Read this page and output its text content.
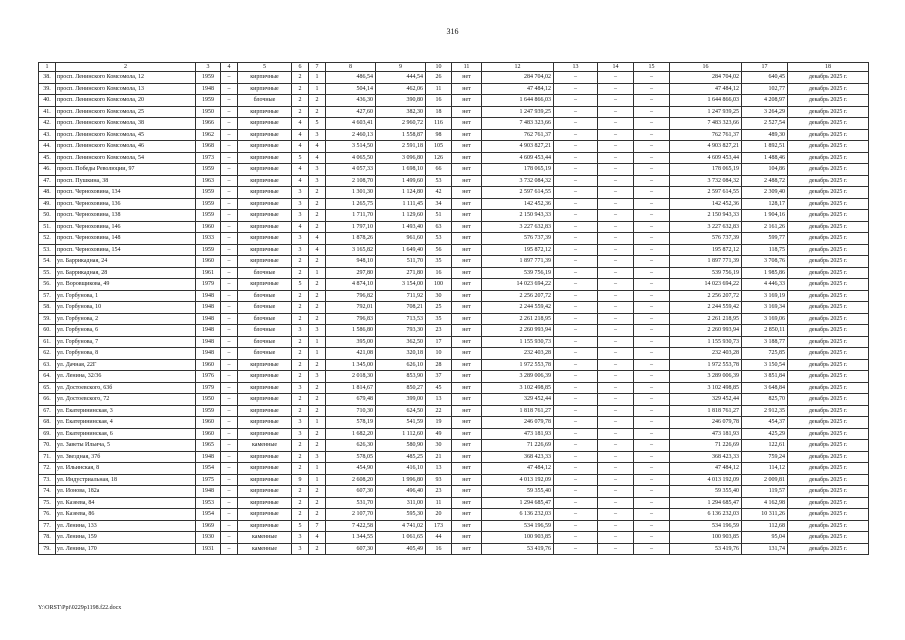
316
1	2	3	4	5	6	7	8	9	10	11	12	13	14	15	16	17	18
38.	просп. Ленинского Комсомола, 12	1959	–	кирпичные	2	1	486,54	444,54	26	нет	284 704,02	–	–	–	284 704,02	640,45	декабрь 2025 г.
39.	просп. Ленинского Комсомола, 13	1948	–	кирпичные	2	1	504,14	462,06	11	нет	47 484,12	–	–	–	47 484,12	102,77	декабрь 2025 г.
40.	просп. Ленинского Комсомола, 20	1959	–	блочные	2	2	436,30	390,80	16	нет	1 644 866,03	–	–	–	1 644 866,03	4 208,97	декабрь 2025 г.
41.	просп. Ленинского Комсомола, 25	1950	–	кирпичные	2	2	427,60	382,30	18	нет	1 247 939,25	–	–	–	1 247 939,25	3 264,29	декабрь 2025 г.
42.	просп. Ленинского Комсомола, 38	1966	–	кирпичные	4	5	4 603,41	2 960,72	116	нет	7 483 323,66	–	–	–	7 483 323,66	2 527,54	декабрь 2025 г.
43.	просп. Ленинского Комсомола, 45	1962	–	кирпичные	4	3	2 460,13	1 558,87	98	нет	762 761,37	–	–	–	762 761,37	489,30	декабрь 2025 г.
44.	просп. Ленинского Комсомола, 46	1968	–	кирпичные	4	4	3 514,50	2 591,18	105	нет	4 903 827,21	–	–	–	4 903 827,21	1 892,51	декабрь 2025 г.
45.	просп. Ленинского Комсомола, 54	1973	–	кирпичные	5	4	4 065,50	3 096,80	126	нет	4 609 453,44	–	–	–	4 609 453,44	1 488,46	декабрь 2025 г.
46.	просп. Победы Революции, 97	1959	–	кирпичные	4	3	4 057,33	1 698,10	66	нет	178 065,19	–	–	–	178 065,19	104,86	декабрь 2025 г.
47.	просп. Пушкина, 38	1963	–	кирпичные	4	3	2 108,70	1 499,60	53	нет	3 732 084,32	–	–	–	3 732 084,32	2 488,72	декабрь 2025 г.
48.	просп. Черноховина, 134	1959	–	кирпичные	3	2	1 301,30	1 124,80	42	нет	2 597 614,55	–	–	–	2 597 614,55	2 309,40	декабрь 2025 г.
49.	просп. Черноховина, 136	1959	–	кирпичные	3	2	1 265,75	1 111,45	34	нет	142 452,36	–	–	–	142 452,36	128,17	декабрь 2025 г.
50.	просп. Черноховина, 138	1959	–	кирпичные	3	2	1 711,70	1 129,60	51	нет	2 150 943,33	–	–	–	2 150 943,33	1 904,16	декабрь 2025 г.
51.	просп. Черноховина, 146	1960	–	кирпичные	4	2	1 797,10	1 493,40	63	нет	3 227 632,83	–	–	–	3 227 632,83	2 161,26	декабрь 2025 г.
52.	просп. Черноховина, 148	1933	–	кирпичные	3	4	1 878,26	961,60	53	нет	576 737,39	–	–	–	576 737,39	599,77	декабрь 2025 г.
53.	просп. Черноховина, 154	1959	–	кирпичные	3	4	3 165,82	1 649,40	56	нет	195 872,12	–	–	–	195 872,12	118,75	декабрь 2025 г.
54.	ул. Баррикадная, 24	1960	–	кирпичные	2	2	948,10	511,70	35	нет	1 897 771,39	–	–	–	1 897 771,39	3 708,76	декабрь 2025 г.
55.	ул. Баррикадная, 28	1961	–	блочные	2	1	297,80	271,80	16	нет	539 756,19	–	–	–	539 756,19	1 985,86	декабрь 2025 г.
56.	ул. Воровщикова, 49	1979	–	кирпичные	5	2	4 874,10	3 154,00	100	нет	14 023 694,22	–	–	–	14 023 694,22	4 446,33	декабрь 2025 г.
57.	ул. Горбунова, 1	1948	–	блочные	2	2	796,82	711,92	30	нет	2 256 207,72	–	–	–	2 256 207,72	3 169,19	декабрь 2025 г.
58.	ул. Горбунова, 10	1948	–	блочные	2	2	792,01	708,21	25	нет	2 244 559,42	–	–	–	2 244 559,42	3 169,34	декабрь 2025 г.
59.	ул. Горбунова, 2	1948	–	блочные	2	2	796,83	713,53	35	нет	2 261 218,95	–	–	–	2 261 218,95	3 169,06	декабрь 2025 г.
60.	ул. Горбунова, 6	1948	–	блочные	3	3	1 586,80	793,30	23	нет	2 260 993,94	–	–	–	2 260 993,94	2 850,11	декабрь 2025 г.
61.	ул. Горбунова, 7	1948	–	блочные	2	1	395,00	362,50	17	нет	1 155 930,73	–	–	–	1 155 930,73	3 188,77	декабрь 2025 г.
62.	ул. Горбунова, 8	1948	–	блочные	2	1	421,08	320,18	10	нет	232 403,28	–	–	–	232 403,28	725,85	декабрь 2025 г.
63.	ул. Дачная, 22Г	1960	–	кирпичные	2	2	1 345,00	626,10	28	нет	1 972 553,78	–	–	–	1 972 553,78	3 150,54	декабрь 2025 г.
64.	ул. Ленина, 32/36	1976	–	кирпичные	2	3	2 018,30	853,90	37	нет	3 289 006,39	–	–	–	3 289 006,39	3 851,84	декабрь 2025 г.
65.	ул. Достоевского, 63б	1979	–	кирпичные	3	2	1 814,67	850,27	45	нет	3 102 498,85	–	–	–	3 102 498,85	3 648,84	декабрь 2025 г.
66.	ул. Достоевского, 72	1950	–	кирпичные	2	2	679,48	399,00	13	нет	329 452,44	–	–	–	329 452,44	825,70	декабрь 2025 г.
67.	ул. Екатерининская, 3	1959	–	кирпичные	2	2	710,30	624,50	22	нет	1 818 761,27	–	–	–	1 818 761,27	2 912,35	декабрь 2025 г.
68.	ул. Екатерининская, 4	1960	–	кирпичные	3	1	578,19	541,59	19	нет	246 079,78	–	–	–	246 079,78	454,37	декабрь 2025 г.
69.	ул. Екатерининская, 6	1960	–	кирпичные	3	2	1 682,20	1 112,60	49	нет	473 181,93	–	–	–	473 181,93	425,29	декабрь 2025 г.
70.	ул. Заветы Ильича, 5	1965	–	каменные	2	2	626,30	580,90	30	нет	71 226,69	–	–	–	71 226,69	122,61	декабрь 2025 г.
71.	ул. Звездная, 37б	1948	–	кирпичные	2	3	578,05	485,25	21	нет	368 423,33	–	–	–	368 423,33	759,24	декабрь 2025 г.
72.	ул. Ильинская, 8	1954	–	кирпичные	2	1	454,90	416,10	13	нет	47 484,12	–	–	–	47 484,12	114,12	декабрь 2025 г.
73.	ул. Индустриальная, 18	1975	–	кирпичные	9	1	2 608,20	1 996,80	93	нет	4 013 192,09	–	–	–	4 013 192,09	2 009,81	декабрь 2025 г.
74.	ул. Ионова, 182а	1948	–	кирпичные	2	2	607,30	496,40	23	нет	59 355,40	–	–	–	59 355,40	119,57	декабрь 2025 г.
75.	ул. Казеева, 84	1953	–	кирпичные	2	2	531,70	311,00	11	нет	1 294 685,47	–	–	–	1 294 685,47	4 162,98	декабрь 2025 г.
76.	ул. Казеева, 86	1954	–	кирпичные	2	2	2 107,70	595,30	20	нет	6 136 232,03	–	–	–	6 136 232,03	10 311,26	декабрь 2025 г.
77.	ул. Ленина, 133	1969	–	кирпичные	5	7	7 422,58	4 741,02	173	нет	534 196,59	–	–	–	534 196,59	112,68	декабрь 2025 г.
78.	ул. Ленина, 159	1930	–	каменные	3	4	1 344,55	1 061,65	44	нет	100 903,85	–	–	–	100 903,85	95,04	декабрь 2025 г.
79.	ул. Ленина, 170	1931	–	каменные	3	2	607,30	405,49	16	нет	53 419,76	–	–	–	53 419,76	131,74	декабрь 2025 г.
Y:\ORST\Ppi\0229p1198.f22.docx
